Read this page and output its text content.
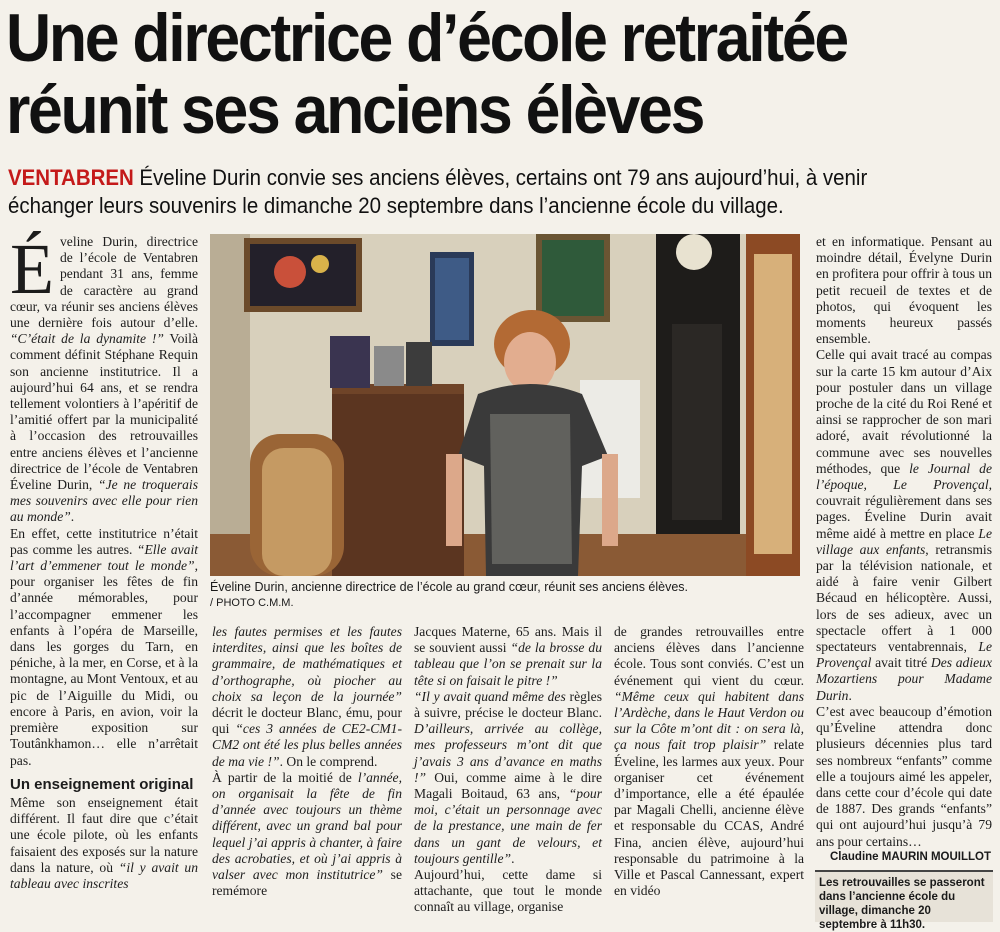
Une directrice d’école retraitée
réunit ses anciens élèves
VENTABREN Éveline Durin convie ses anciens élèves, certains ont 79 ans aujourd’hui, à venir échanger leurs souvenirs le dimanche 20 septembre dans l’ancienne école du village.

Éveline Durin, directrice de l’école de Ventabren pendant 31 ans, femme de caractère au grand cœur, va réunir ses anciens élèves une dernière fois autour d’elle. “C’était de la dynamite !” Voilà comment définit Stéphane Requin son ancienne institutrice. Il a aujourd’hui 64 ans, et se rendra tellement volontiers à l’apéritif de l’amitié offert par la municipalité à l’occasion des retrouvailles entre anciens élèves et l’ancienne directrice de l’école de Ventabren Éveline Durin, “Je ne troquerais mes souvenirs avec elle pour rien au monde”.

En effet, cette institutrice n’était pas comme les autres. “Elle avait l’art d’emmener tout le monde”, pour organiser les fêtes de fin d’année mémorables, pour l’accompagner emmener les enfants à l’opéra de Marseille, dans les gorges du Tarn, en péniche, à la mer, en Corse, et à la montagne, au Mont Ventoux, et au pic de l’Aiguille du Midi, ou encore à Paris, en avion, voir la première exposition sur Toutânkhamon… elle n’arrêtait pas.

Un enseignement original

Même son enseignement était différent. Il faut dire que c’était une école pilote, où les enfants faisaient des exposés sur la nature dans la nature, où “il y avait un tableau avec inscrites

Éveline Durin, ancienne directrice de l’école au grand cœur, réunit ses anciens élèves.
/ PHOTO C.M.M.

les fautes permises et les fautes interdites, ainsi que les boîtes de grammaire, de mathématiques et d’orthographe, où piocher au choix sa leçon de la journée” décrit le docteur Blanc, ému, pour qui “ces 3 années de CE2-CM1-CM2 ont été les plus belles années de ma vie !”. On le comprend.

À partir de la moitié de l’année, on organisait la fête de fin d’année avec toujours un thème différent, avec un grand bal pour lequel j’ai appris à chanter, à faire des acrobaties, et où j’ai appris à valser avec mon institutrice” se remémore

Jacques Materne, 65 ans. Mais il se souvient aussi “de la brosse du tableau que l’on se prenait sur la tête si on faisait le pitre !”

“Il y avait quand même des règles à suivre, précise le docteur Blanc. D’ailleurs, arrivée au collège, mes professeurs m’ont dit que j’avais 3 ans d’avance en maths !” Oui, comme aime à le dire Magali Boitaud, 63 ans, “pour moi, c’était un personnage avec de la prestance, une main de fer dans un gant de velours, et toujours gentille”.

Aujourd’hui, cette dame si attachante, que tout le monde connaît au village, organise

de grandes retrouvailles entre anciens élèves dans l’ancienne école. Tous sont conviés. C’est un événement qui vient du cœur. “Même ceux qui habitent dans l’Ardèche, dans le Haut Verdon ou sur la Côte m’ont dit : on sera là, ça nous fait trop plaisir” relate Éveline, les larmes aux yeux. Pour organiser cet événement d’importance, elle a été épaulée par Magali Chelli, ancienne élève et responsable du CCAS, André Fina, ancien élève, aujourd’hui responsable du patrimoine à la Ville et Pascal Cannessant, expert en vidéo

et en informatique. Pensant au moindre détail, Évelyne Durin en profitera pour offrir à tous un petit recueil de textes et de photos, qui évoquent les moments heureux passés ensemble.

Celle qui avait tracé au compas sur la carte 15 km autour d’Aix pour postuler dans un village proche de la cité du Roi René et ainsi se rapprocher de son mari adoré, avait révolutionné la commune avec ses nouvelles méthodes, que le Journal de l’époque, Le Provençal, couvrait régulièrement dans ses pages. Éveline Durin avait même aidé à mettre en place Le village aux enfants, retransmis par la télévision nationale, et aidé à faire venir Gilbert Bécaud en hélicoptère. Aussi, lors de ses adieux, avec un spectacle offert à 1 000 spectateurs ventabrennais, Le Provençal avait titré Des adieux Mozartiens pour Madame Durin.

C’est avec beaucoup d’émotion qu’Éveline attendra donc plusieurs décennies plus tard ses nombreux “enfants” comme elle a toujours aimé les appeler, dans cette cour d’école qui date de 1887. Des grands “enfants” qui ont aujourd’hui jusqu’à 79 ans pour certains…

Claudine MAURIN MOUILLOT
Les retrouvailles se passeront dans l’ancienne école du village, dimanche 20 septembre à 11h30.
